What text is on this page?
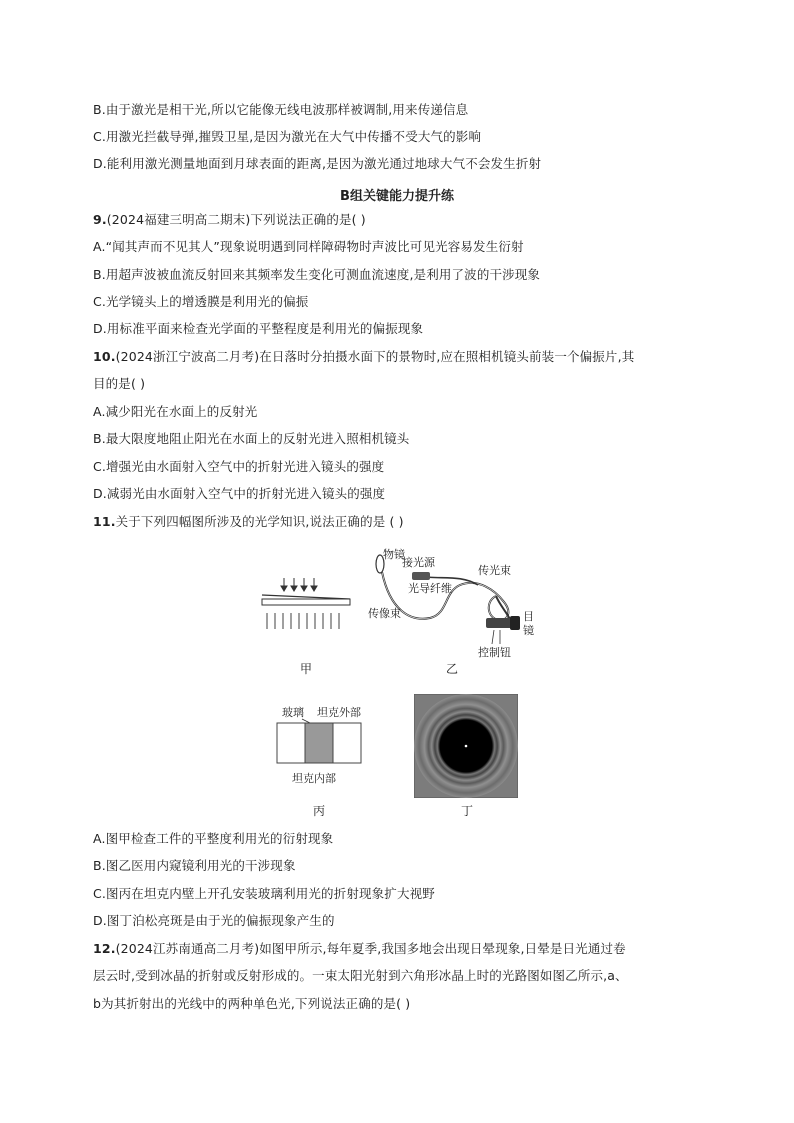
B.由于激光是相干光,所以它能像无线电波那样被调制,用来传递信息
C.用激光拦截导弹,摧毁卫星,是因为激光在大气中传播不受大气的影响
D.能利用激光测量地面到月球表面的距离,是因为激光通过地球大气不会发生折射
B组关键能力提升练
9.(2024福建三明高二期末)下列说法正确的是( )
A.“闻其声而不见其人”现象说明遇到同样障碍物时声波比可见光容易发生衍射
B.用超声波被血流反射回来其频率发生变化可测血流速度,是利用了波的干涉现象
C.光学镜头上的增透膜是利用光的偏振
D.用标准平面来检查光学面的平整程度是利用光的偏振现象
10.(2024浙江宁波高二月考)在日落时分拍摄水面下的景物时,应在照相机镜头前装一个偏振片,其
目的是( )
A.减少阳光在水面上的反射光
B.最大限度地阻止阳光在水面上的反射光进入照相机镜头
C.增强光由水面射入空气中的折射光进入镜头的强度
D.减弱光由水面射入空气中的折射光进入镜头的强度
11.关于下列四幅图所涉及的光学知识,说法正确的是 ( )
甲
物镜
接光源
传光束
光导纤维
传像束	目
镜
控制钮
乙
玻璃 坦克外部
坦克内部
丙	丁
A.图甲检查工件的平整度利用光的衍射现象
B.图乙医用内窥镜利用光的干涉现象
C.图丙在坦克内壁上开孔安装玻璃利用光的折射现象扩大视野
D.图丁泊松亮斑是由于光的偏振现象产生的
12.(2024江苏南通高二月考)如图甲所示,每年夏季,我国多地会出现日晕现象,日晕是日光通过卷
层云时,受到冰晶的折射或反射形成的。一束太阳光射到六角形冰晶上时的光路图如图乙所示,a、
b为其折射出的光线中的两种单色光,下列说法正确的是( )
